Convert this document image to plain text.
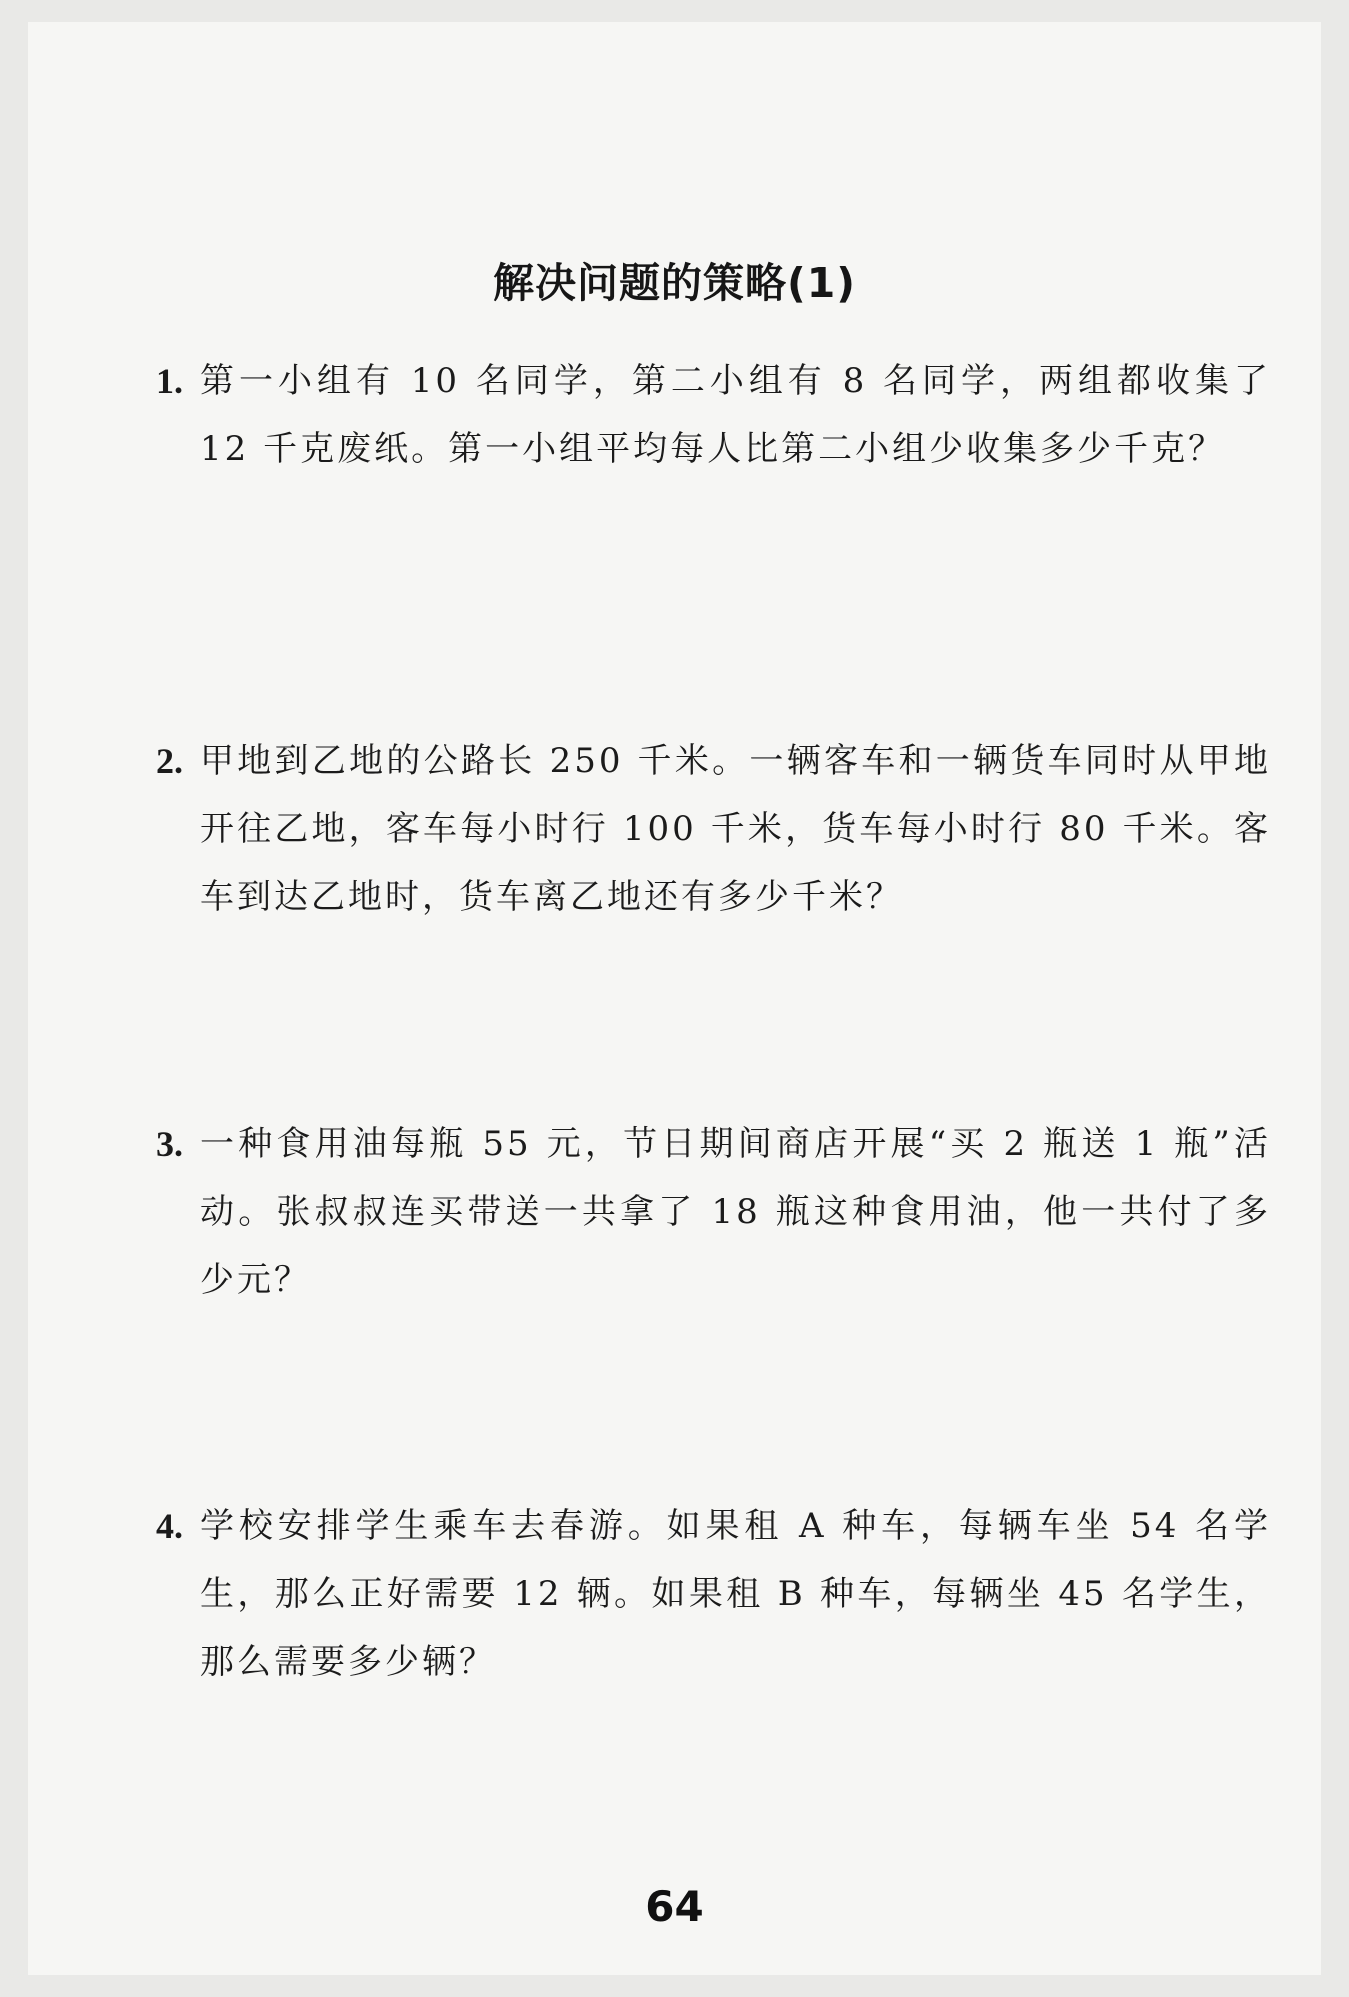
解决问题的策略(1)
1. 第一小组有 10 名同学，第二小组有 8 名同学，两组都收集了 12 千克废纸。第一小组平均每人比第二小组少收集多少千克？
2. 甲地到乙地的公路长 250 千米。一辆客车和一辆货车同时从甲地开往乙地，客车每小时行 100 千米，货车每小时行 80 千米。客车到达乙地时，货车离乙地还有多少千米？
3. 一种食用油每瓶 55 元，节日期间商店开展“买 2 瓶送 1 瓶”活动。张叔叔连买带送一共拿了 18 瓶这种食用油，他一共付了多少元？
4. 学校安排学生乘车去春游。如果租 A 种车，每辆车坐 54 名学生，那么正好需要 12 辆。如果租 B 种车，每辆坐 45 名学生，那么需要多少辆？
64
